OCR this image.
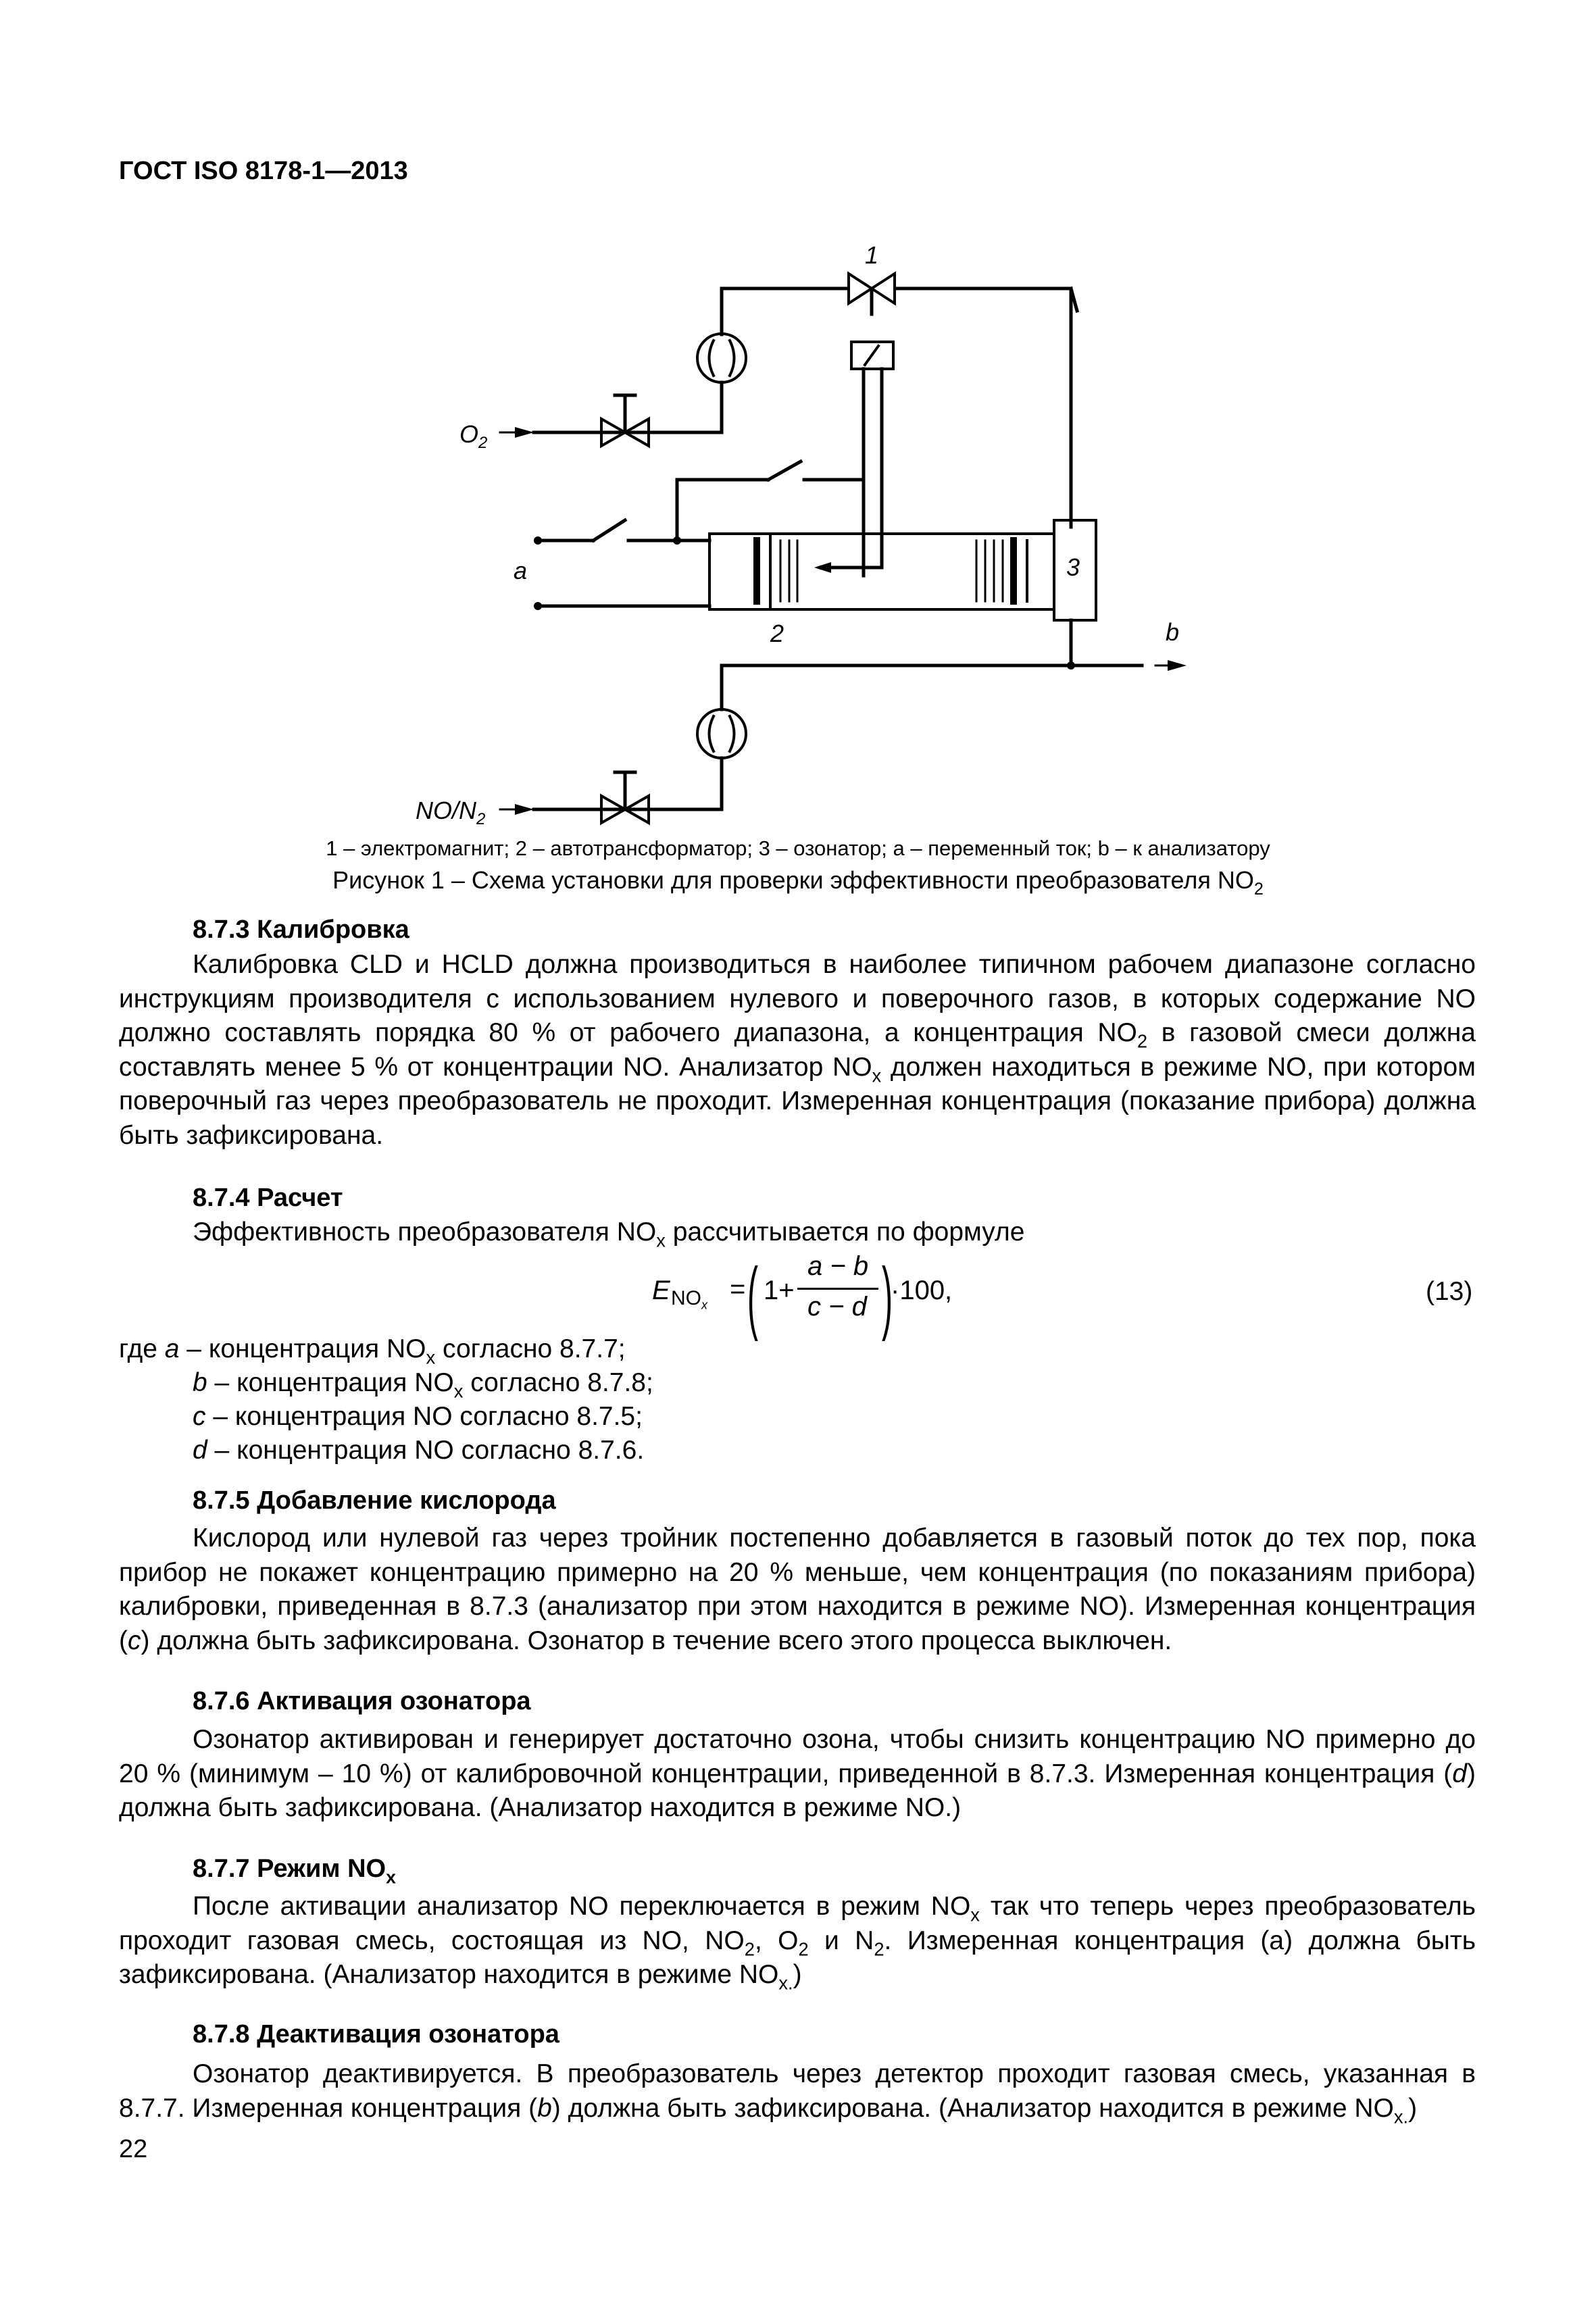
ГОСТ ISO 8178-1—2013
1
$O_2$
a
2
3
b
$NO/N_2$
1 – электромагнит; 2 – автотрансформатор; 3 – озонатор; а – переменный ток; b – к анализатору
Рисунок 1 – Схема установки для проверки эффективности преобразователя $NO_2$
8.7.3 Калибровка
Калибровка CLD и HCLD должна производиться в наиболее типичном рабочем диапазоне согласно инструкциям производителя с использованием нулевого и поверочного газов, в которых содержание NO должно составлять порядка 80 % от рабочего диапазона, а концентрация $NO_2$ в газовой смеси должна составлять менее 5 % от концентрации NO. Анализатор $NO_x$ должен находиться в режиме NO, при котором поверочный газ через преобразователь не проходит. Измеренная концентрация (показание прибора) должна быть зафиксирована.
8.7.4 Расчет
Эффективность преобразователя $NO_x$ рассчитывается по формуле
E $NO_x$
= ( 1+
a − b
c − d )
·100,	(13)
где a – концентрация $NO_x$ согласно 8.7.7;
b – концентрация $NO_x$ согласно 8.7.8;
c – концентрация NO согласно 8.7.5;
d – концентрация NO согласно 8.7.6.
8.7.5 Добавление кислорода
Кислород или нулевой газ через тройник постепенно добавляется в газовый поток до тех пор, пока прибор не покажет концентрацию примерно на 20 % меньше, чем концентрация (по показаниям прибора) калибровки, приведенная в 8.7.3 (анализатор при этом находится в режиме NO). Измеренная концентрация (c) должна быть зафиксирована. Озонатор в течение всего этого процесса выключен.
8.7.6 Активация озонатора
Озонатор активирован и генерирует достаточно озона, чтобы снизить концентрацию NO примерно до 20 % (минимум – 10 %) от калибровочной концентрации, приведенной в 8.7.3. Измеренная концентрация (d) должна быть зафиксирована. (Анализатор находится в режиме NO.)
8.7.7 Режим $NO_x$
После активации анализатор NO переключается в режим $NO_x$ так что теперь через преобразователь проходит газовая смесь, состоящая из NO, $NO_2$, $O_2$ и $N_2$. Измеренная концентрация (а) должна быть зафиксирована. (Анализатор находится в режиме $NO_{x.}$)
8.7.8 Деактивация озонатора
Озонатор деактивируется. В преобразователь через детектор проходит газовая смесь, указанная в 8.7.7. Измеренная концентрация (b) должна быть зафиксирована. (Анализатор находится в режиме $NO_{x.}$)
22
